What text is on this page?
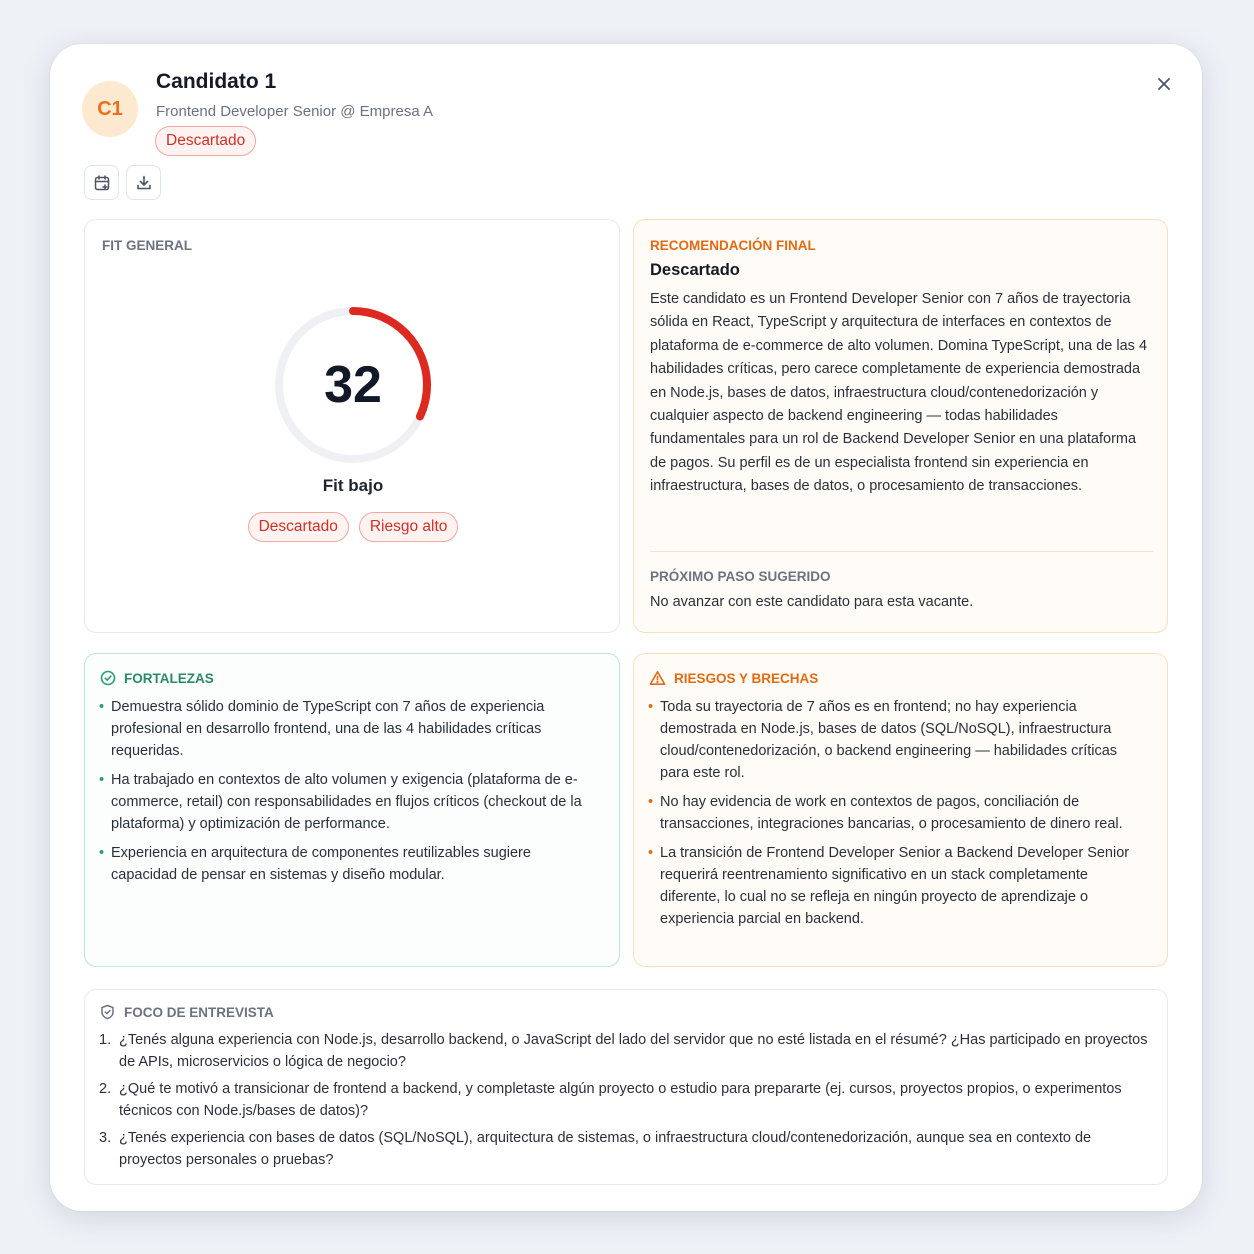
C1
Candidato 1
Frontend Developer Senior @ Empresa A
Descartado
FIT GENERAL
32
Fit bajo
Descartado	Riesgo alto
RECOMENDACIÓN FINAL
Descartado
Este candidato es un Frontend Developer Senior con 7 años de trayectoria sólida en React, TypeScript y arquitectura de interfaces en contextos de plataforma de e-commerce de alto volumen. Domina TypeScript, una de las 4 habilidades críticas, pero carece completamente de experiencia demostrada en Node.js, bases de datos, infraestructura cloud/contenedorización y cualquier aspecto de backend engineering — todas habilidades fundamentales para un rol de Backend Developer Senior en una plataforma de pagos. Su perfil es de un especialista frontend sin experiencia en infraestructura, bases de datos, o procesamiento de transacciones.
PRÓXIMO PASO SUGERIDO
No avanzar con este candidato para esta vacante.
FORTALEZAS
• Demuestra sólido dominio de TypeScript con 7 años de experiencia profesional en desarrollo frontend, una de las 4 habilidades críticas requeridas.
• Ha trabajado en contextos de alto volumen y exigencia (plataforma de e-commerce, retail) con responsabilidades en flujos críticos (checkout de la plataforma) y optimización de performance.
• Experiencia en arquitectura de componentes reutilizables sugiere capacidad de pensar en sistemas y diseño modular.
RIESGOS Y BRECHAS
• Toda su trayectoria de 7 años es en frontend; no hay experiencia demostrada en Node.js, bases de datos (SQL/NoSQL), infraestructura cloud/contenedorización, o backend engineering — habilidades críticas para este rol.
• No hay evidencia de work en contextos de pagos, conciliación de transacciones, integraciones bancarias, o procesamiento de dinero real.
• La transición de Frontend Developer Senior a Backend Developer Senior requerirá reentrenamiento significativo en un stack completamente diferente, lo cual no se refleja en ningún proyecto de aprendizaje o experiencia parcial en backend.
FOCO DE ENTREVISTA
1. ¿Tenés alguna experiencia con Node.js, desarrollo backend, o JavaScript del lado del servidor que no esté listada en el résumé? ¿Has participado en proyectos de APIs, microservicios o lógica de negocio?
2. ¿Qué te motivó a transicionar de frontend a backend, y completaste algún proyecto o estudio para prepararte (ej. cursos, proyectos propios, o experimentos técnicos con Node.js/bases de datos)?
3. ¿Tenés experiencia con bases de datos (SQL/NoSQL), arquitectura de sistemas, o infraestructura cloud/contenedorización, aunque sea en contexto de proyectos personales o pruebas?
